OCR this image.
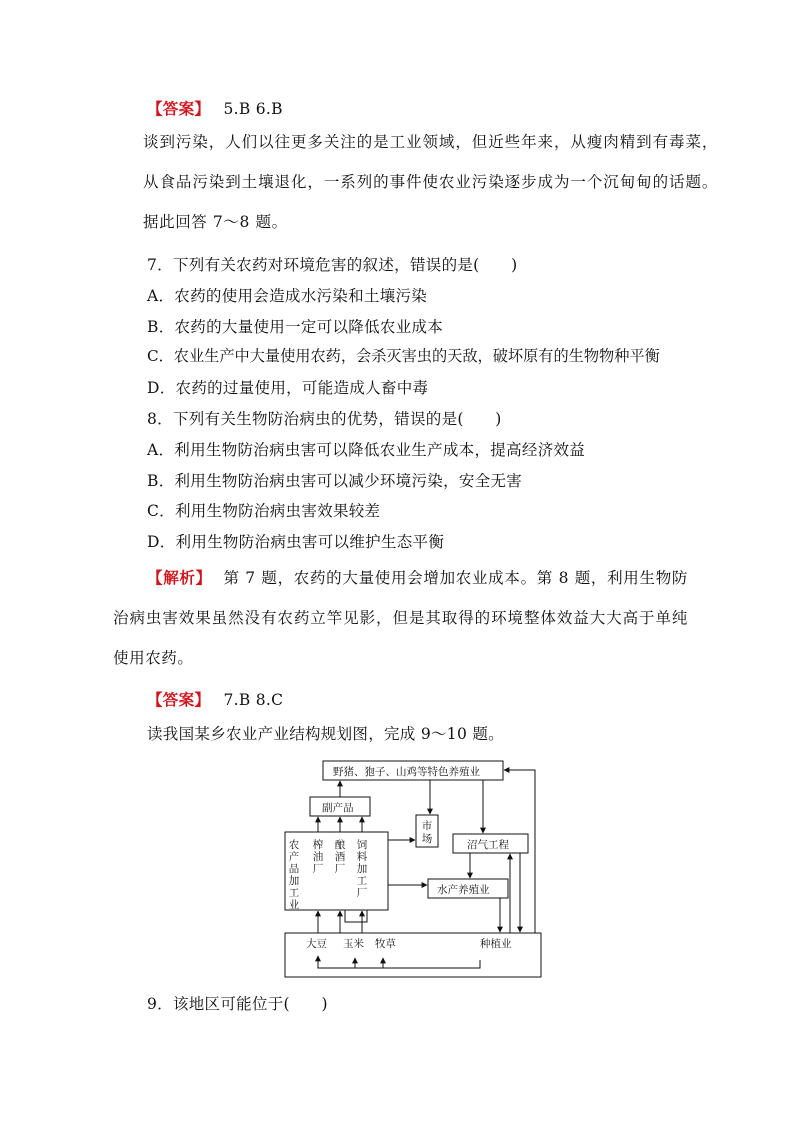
【答案】 5.B 6.B
谈到污染，人们以往更多关注的是工业领域，但近些年来，从瘦肉精到有毒菜，从食品污染到土壤退化，一系列的事件使农业污染逐步成为一个沉甸甸的话题。据此回答 7～8 题。
7．下列有关农药对环境危害的叙述，错误的是(　　)
A．农药的使用会造成水污染和土壤污染
B．农药的大量使用一定可以降低农业成本
C．农业生产中大量使用农药，会杀灭害虫的天敌，破坏原有的生物物种平衡
D．农药的过量使用，可能造成人畜中毒
8．下列有关生物防治病虫的优势，错误的是(　　)
A．利用生物防治病虫害可以降低农业生产成本，提高经济效益
B．利用生物防治病虫害可以减少环境污染，安全无害
C．利用生物防治病虫害效果较差
D．利用生物防治病虫害可以维护生态平衡
【解析】 第 7 题，农药的大量使用会增加农业成本。第 8 题，利用生物防治病虫害效果虽然没有农药立竿见影，但是其取得的环境整体效益大大高于单纯使用农药。
【答案】 7.B 8.C
读我国某乡农业产业结构规划图，完成 9～10 题。
野猪、狍子、山鸡等特色养殖业
副产品
市
场	沼气工程
水产养殖业
农
产
品
加
工
业
榨
油
厂
酿
酒
厂
饲
料
加
工
厂
大豆 玉米 牧草	种植业
9．该地区可能位于(　　)
